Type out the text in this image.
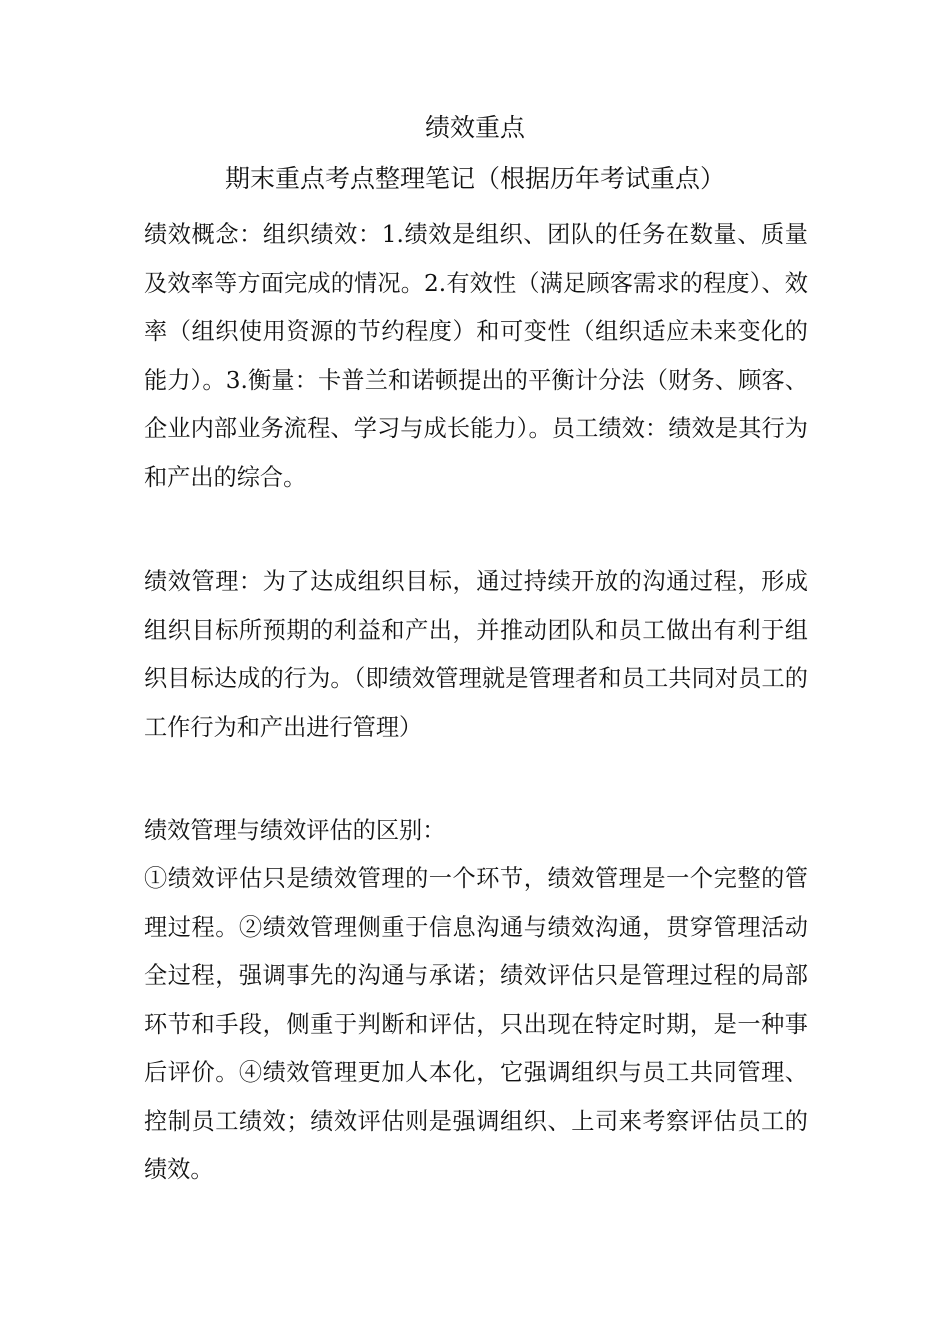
绩效重点
期末重点考点整理笔记（根据历年考试重点）

绩效概念：组织绩效：1.绩效是组织、团队的任务在数量、质量及效率等方面完成的情况。2.有效性（满足顾客需求的程度）、效率（组织使用资源的节约程度）和可变性（组织适应未来变化的能力）。3.衡量：卡普兰和诺顿提出的平衡计分法（财务、顾客、企业内部业务流程、学习与成长能力）。员工绩效：绩效是其行为和产出的综合。

绩效管理：为了达成组织目标，通过持续开放的沟通过程，形成组织目标所预期的利益和产出，并推动团队和员工做出有利于组织目标达成的行为。（即绩效管理就是管理者和员工共同对员工的工作行为和产出进行管理）

绩效管理与绩效评估的区别：

①绩效评估只是绩效管理的一个环节，绩效管理是一个完整的管理过程。②绩效管理侧重于信息沟通与绩效沟通，贯穿管理活动全过程，强调事先的沟通与承诺；绩效评估只是管理过程的局部环节和手段，侧重于判断和评估，只出现在特定时期，是一种事后评价。④绩效管理更加人本化，它强调组织与员工共同管理、控制员工绩效；绩效评估则是强调组织、上司来考察评估员工的绩效。
